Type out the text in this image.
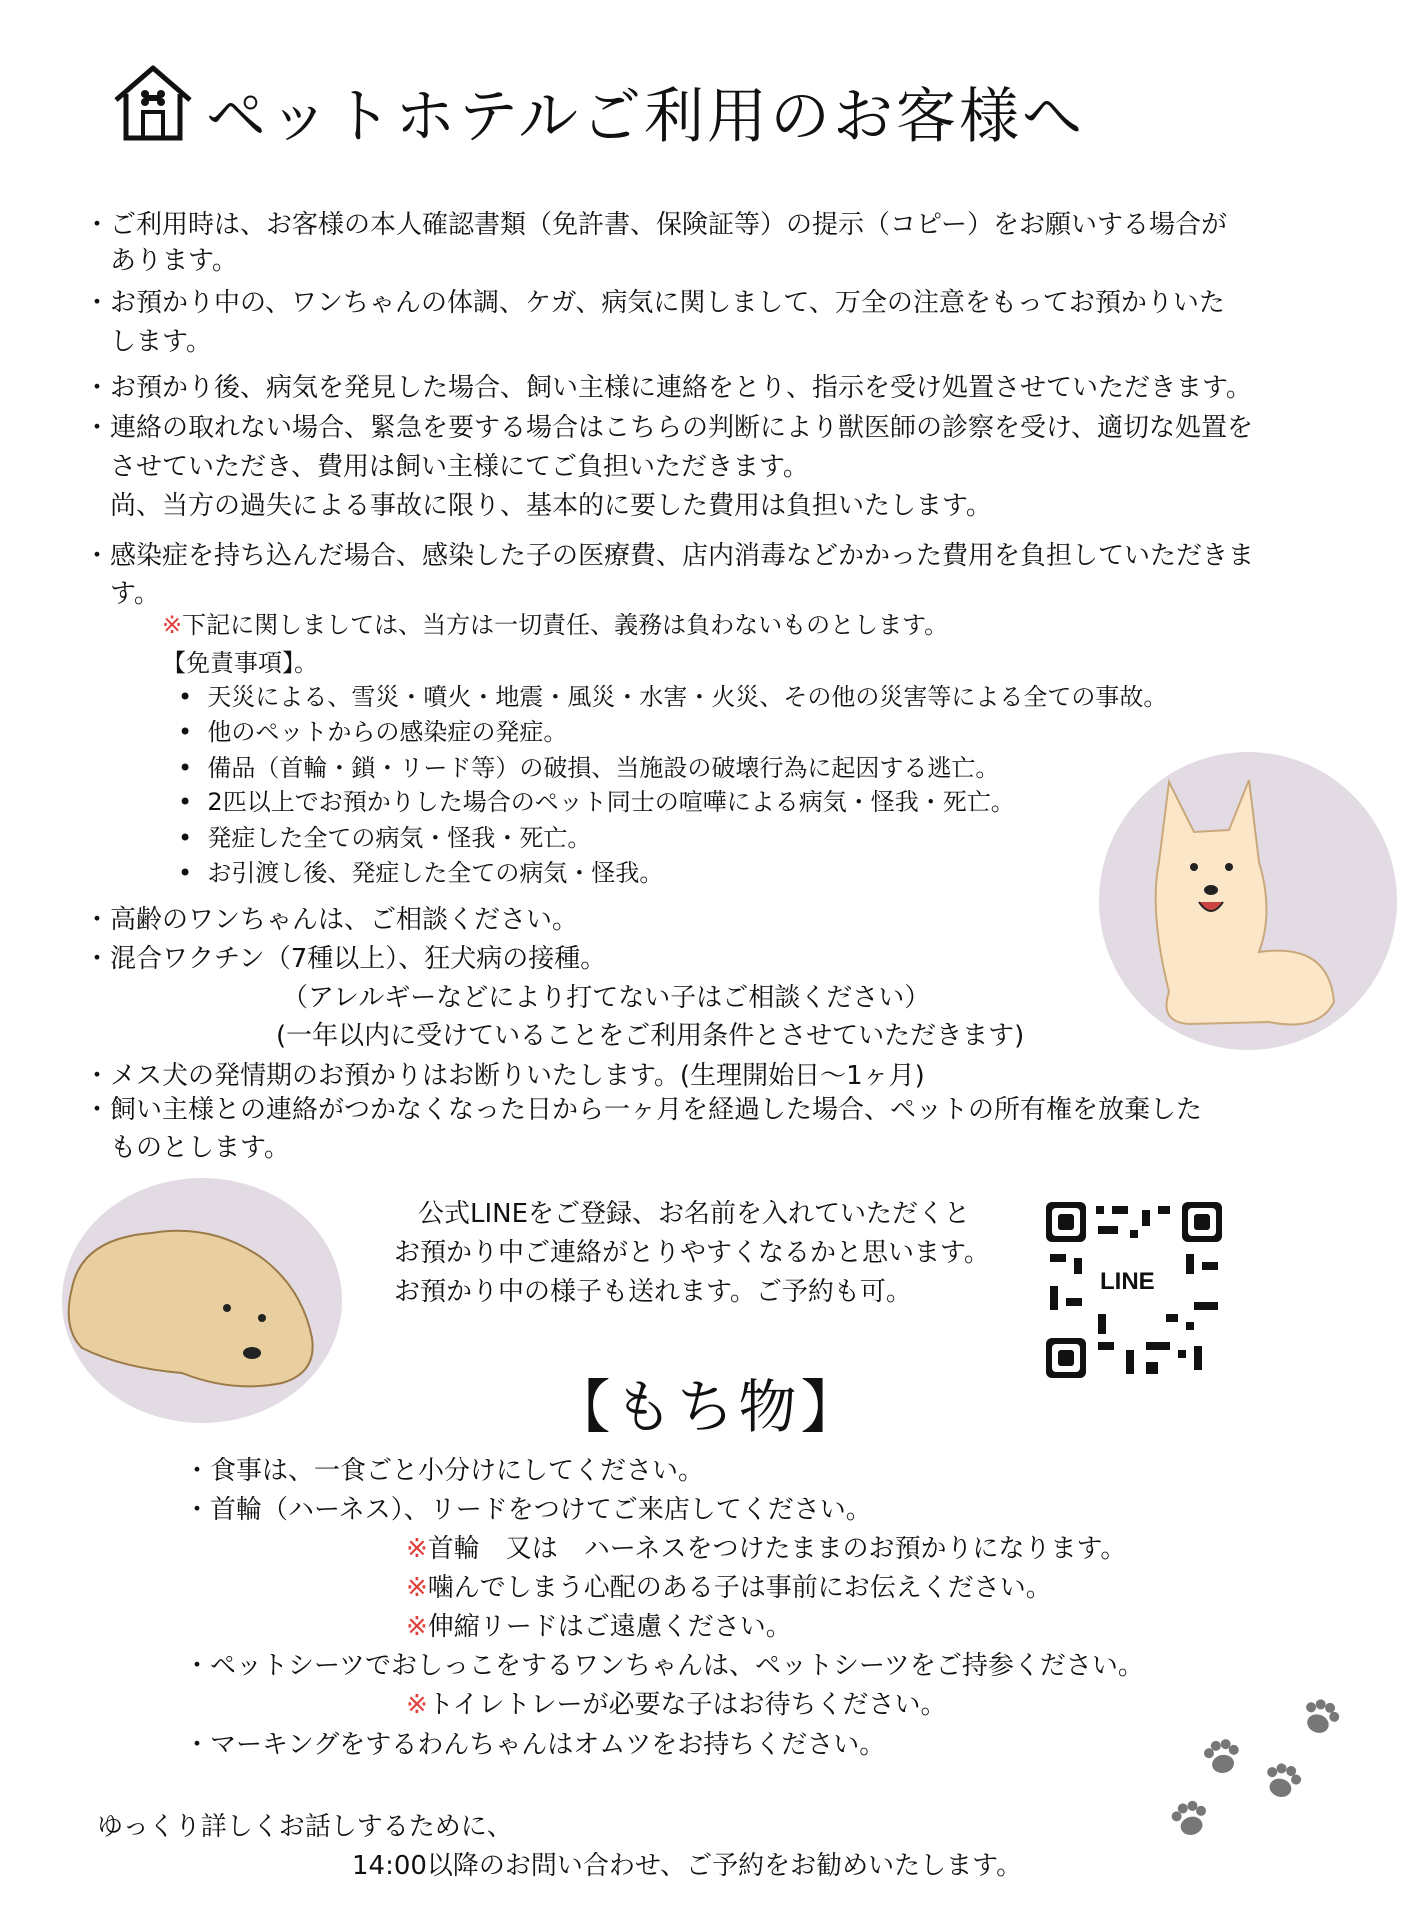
ペットホテルご利用のお客様へ
・ご利用時は、お客様の本人確認書類（免許書、保険証等）の提示（コピー）をお願いする場合が
　あります。
・お預かり中の、ワンちゃんの体調、ケガ、病気に関しまして、万全の注意をもってお預かりいた
　します。
・お預かり後、病気を発見した場合、飼い主様に連絡をとり、指示を受け処置させていただきます。
・連絡の取れない場合、緊急を要する場合はこちらの判断により獣医師の診察を受け、適切な処置を
　させていただき、費用は飼い主様にてご負担いただきます。
　尚、当方の過失による事故に限り、基本的に要した費用は負担いたします。
・感染症を持ち込んだ場合、感染した子の医療費、店内消毒などかかった費用を負担していただきま
　す。
※下記に関しましては、当方は一切責任、義務は負わないものとします。
【免責事項】。
•  天災による、雪災・噴火・地震・風災・水害・火災、その他の災害等による全ての事故。
•  他のペットからの感染症の発症。
•  備品（首輪・鎖・リード等）の破損、当施設の破壊行為に起因する逃亡。
•  2匹以上でお預かりした場合のペット同士の喧嘩による病気・怪我・死亡。
•  発症した全ての病気・怪我・死亡。
•  お引渡し後、発症した全ての病気・怪我。
・高齢のワンちゃんは、ご相談ください。
・混合ワクチン（7種以上）、狂犬病の接種。
（アレルギーなどにより打てない子はご相談ください）
(一年以内に受けていることをご利用条件とさせていただきます)
・メス犬の発情期のお預かりはお断りいたします。(生理開始日～1ヶ月)
・飼い主様との連絡がつかなくなった日から一ヶ月を経過した場合、ペットの所有権を放棄した
　ものとします。
公式LINEをご登録、お名前を入れていただくと
お預かり中ご連絡がとりやすくなるかと思います。
お預かり中の様子も送れます。ご予約も可。	LINE
【もち物】
・食事は、一食ごと小分けにしてください。
・首輪（ハーネス）、リードをつけてご来店してください。
※首輪　又は　ハーネスをつけたままのお預かりになります。
※噛んでしまう心配のある子は事前にお伝えください。
※伸縮リードはご遠慮ください。
・ペットシーツでおしっこをするワンちゃんは、ペットシーツをご持参ください。
※トイレトレーが必要な子はお待ちください。
・マーキングをするわんちゃんはオムツをお持ちください。
ゆっくり詳しくお話しするために、
14:00以降のお問い合わせ、ご予約をお勧めいたします。
